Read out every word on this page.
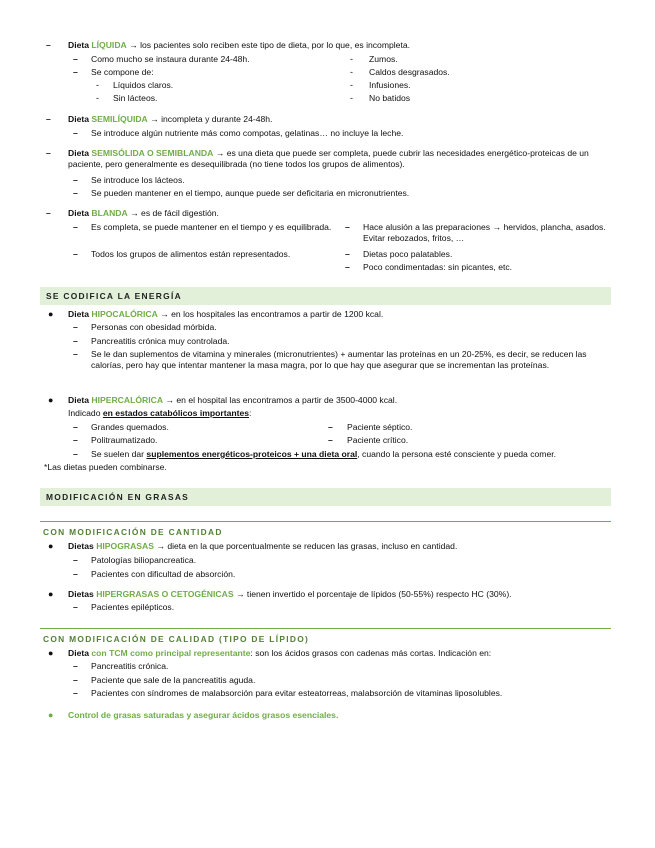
– Dieta LÍQUIDA → los pacientes solo reciben este tipo de dieta, por lo que, es incompleta.
– Como mucho se instaura durante 24-48h.
– Se compone de:
- Líquidos claros.
- Sin lácteos.
- Zumos.
- Caldos desgrasados.
- Infusiones.
- No batidos
– Dieta SEMILÍQUIDA → incompleta y durante 24-48h.
– Se introduce algún nutriente más como compotas, gelatinas… no incluye la leche.
– Dieta SEMISÓLIDA O SEMIBLANDA → es una dieta que puede ser completa, puede cubrir las necesidades energético-proteicas de un paciente, pero generalmente es desequilibrada (no tiene todos los grupos de alimentos).
– Se introduce los lácteos.
– Se pueden mantener en el tiempo, aunque puede ser deficitaria en micronutrientes.
– Dieta BLANDA → es de fácil digestión.
– Es completa, se puede mantener en el tiempo y es equilibrada.
– Todos los grupos de alimentos están representados.
– Hace alusión a las preparaciones → hervidos, plancha, asados. Evitar rebozados, fritos, …
– Dietas poco palatables.
– Poco condimentadas: sin picantes, etc.
SE CODIFICA LA ENERGÍA
● Dieta HIPOCALÓRICA → en los hospitales las encontramos a partir de 1200 kcal.
– Personas con obesidad mórbida.
– Pancreatitis crónica muy controlada.
– Se le dan suplementos de vitamina y minerales (micronutrientes) + aumentar las proteínas en un 20-25%, es decir, se reducen las calorías, pero hay que intentar mantener la masa magra, por lo que hay que asegurar que se incrementan las proteínas.
● Dieta HIPERCALÓRICA → en el hospital las encontramos a partir de 3500-4000 kcal.
Indicado en estados catabólicos importantes:
– Grandes quemados.
– Politraumatizado.
– Paciente séptico.
– Paciente crítico.
– Se suelen dar suplementos energéticos-proteicos + una dieta oral, cuando la persona esté consciente y pueda comer.
*Las dietas pueden combinarse.
MODIFICACIÓN EN GRASAS
CON MODIFICACIÓN DE CANTIDAD
● Dietas HIPOGRASAS → dieta en la que porcentualmente se reducen las grasas, incluso en cantidad.
– Patologías biliopancreatica.
– Pacientes con dificultad de absorción.
● Dietas HIPERGRASAS O CETOGÉNICAS → tienen invertido el porcentaje de lípidos (50-55%) respecto HC (30%).
– Pacientes epilépticos.
CON MODIFICACIÓN DE CALIDAD (TIPO DE LÍPIDO)
● Dieta con TCM como principal representante: son los ácidos grasos con cadenas más cortas. Indicación en:
– Pancreatitis crónica.
– Paciente que sale de la pancreatitis aguda.
– Pacientes con síndromes de malabsorción para evitar esteatorreas, malabsorción de vitaminas liposolubles.
● Control de grasas saturadas y asegurar ácidos grasos esenciales.
